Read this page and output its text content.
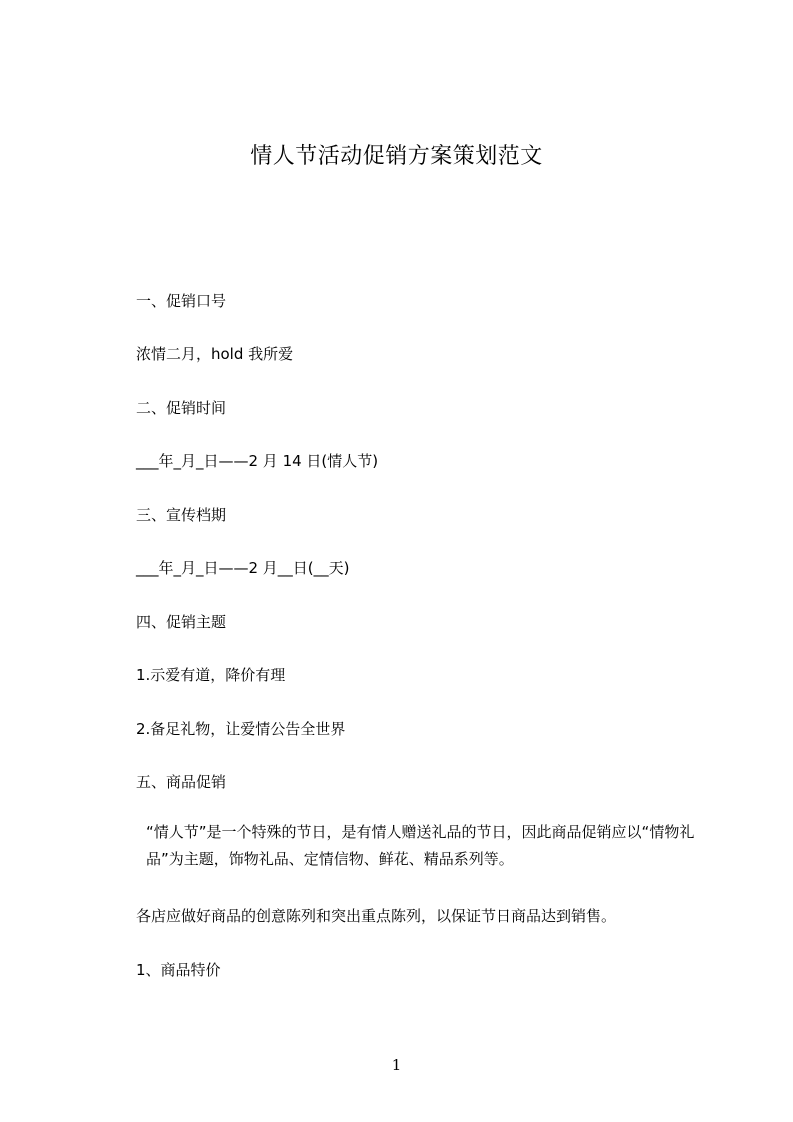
情人节活动促销方案策划范文
一、促销口号
浓情二月，hold 我所爱
二、促销时间
___年_月_日——2 月 14 日(情人节)
三、宣传档期
___年_月_日——2 月__日(__天)
四、促销主题
1.示爱有道，降价有理
2.备足礼物，让爱情公告全世界
五、商品促销
“情人节”是一个特殊的节日，是有情人赠送礼品的节日，因此商品促销应以“情物礼品”为主题，饰物礼品、定情信物、鲜花、精品系列等。
各店应做好商品的创意陈列和突出重点陈列，以保证节日商品达到销售。
1、商品特价
1
